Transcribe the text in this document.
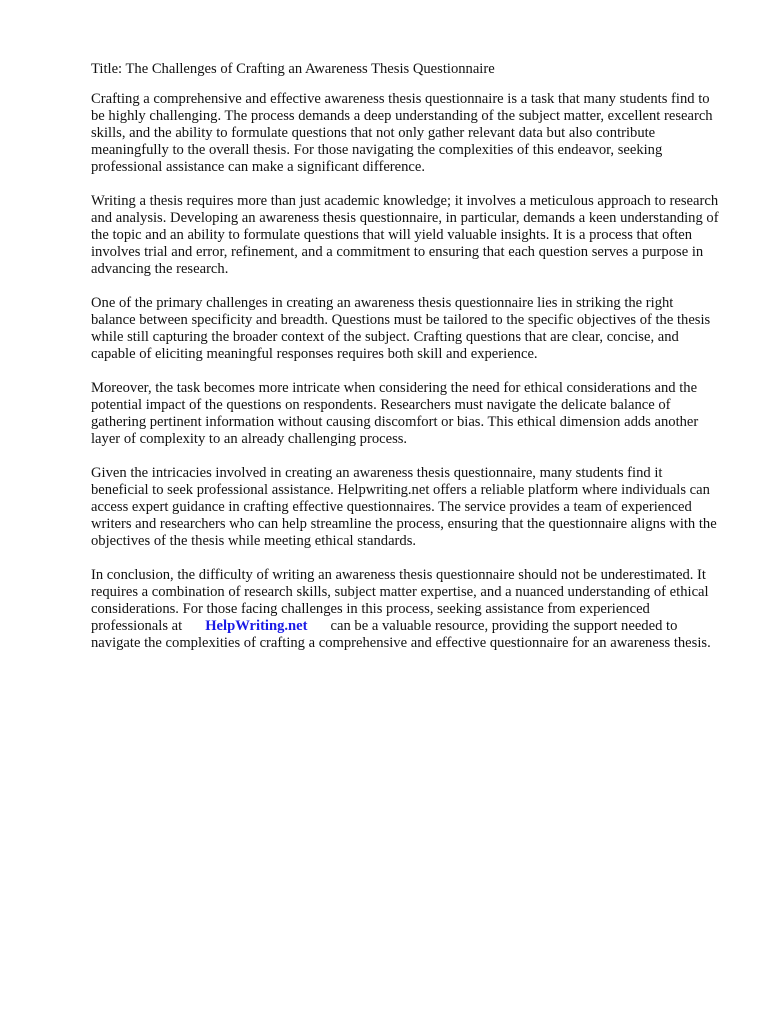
Title: The Challenges of Crafting an Awareness Thesis Questionnaire

Crafting a comprehensive and effective awareness thesis questionnaire is a task that many students find to be highly challenging. The process demands a deep understanding of the subject matter, excellent research skills, and the ability to formulate questions that not only gather relevant data but also contribute meaningfully to the overall thesis. For those navigating the complexities of this endeavor, seeking professional assistance can make a significant difference.

Writing a thesis requires more than just academic knowledge; it involves a meticulous approach to research and analysis. Developing an awareness thesis questionnaire, in particular, demands a keen understanding of the topic and an ability to formulate questions that will yield valuable insights. It is a process that often involves trial and error, refinement, and a commitment to ensuring that each question serves a purpose in advancing the research.

One of the primary challenges in creating an awareness thesis questionnaire lies in striking the right balance between specificity and breadth. Questions must be tailored to the specific objectives of the thesis while still capturing the broader context of the subject. Crafting questions that are clear, concise, and capable of eliciting meaningful responses requires both skill and experience.

Moreover, the task becomes more intricate when considering the need for ethical considerations and the potential impact of the questions on respondents. Researchers must navigate the delicate balance of gathering pertinent information without causing discomfort or bias. This ethical dimension adds another layer of complexity to an already challenging process.

Given the intricacies involved in creating an awareness thesis questionnaire, many students find it beneficial to seek professional assistance. Helpwriting.net offers a reliable platform where individuals can access expert guidance in crafting effective questionnaires. The service provides a team of experienced writers and researchers who can help streamline the process, ensuring that the questionnaire aligns with the objectives of the thesis while meeting ethical standards.

In conclusion, the difficulty of writing an awareness thesis questionnaire should not be underestimated. It requires a combination of research skills, subject matter expertise, and a nuanced understanding of ethical considerations. For those facing challenges in this process, seeking assistance from experienced professionals at HelpWriting.net can be a valuable resource, providing the support needed to navigate the complexities of crafting a comprehensive and effective questionnaire for an awareness thesis.
